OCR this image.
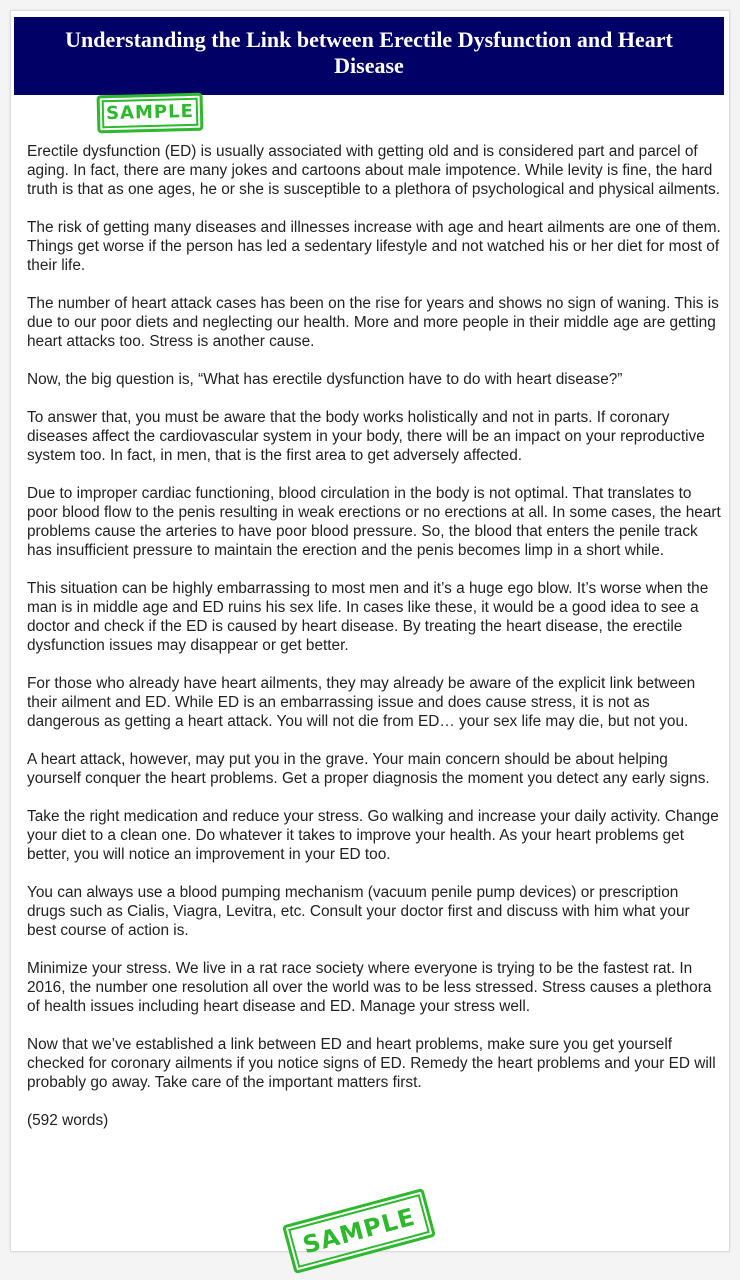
Understanding the Link between Erectile Dysfunction and Heart Disease
SAMPLE

Erectile dysfunction (ED) is usually associated with getting old and is considered part and parcel of aging. In fact, there are many jokes and cartoons about male impotence. While levity is fine, the hard truth is that as one ages, he or she is susceptible to a plethora of psychological and physical ailments.

The risk of getting many diseases and illnesses increase with age and heart ailments are one of them. Things get worse if the person has led a sedentary lifestyle and not watched his or her diet for most of their life.

The number of heart attack cases has been on the rise for years and shows no sign of waning. This is due to our poor diets and neglecting our health. More and more people in their middle age are getting heart attacks too. Stress is another cause.

Now, the big question is, “What has erectile dysfunction have to do with heart disease?”

To answer that, you must be aware that the body works holistically and not in parts. If coronary diseases affect the cardiovascular system in your body, there will be an impact on your reproductive system too. In fact, in men, that is the first area to get adversely affected.

Due to improper cardiac functioning, blood circulation in the body is not optimal. That translates to poor blood flow to the penis resulting in weak erections or no erections at all. In some cases, the heart problems cause the arteries to have poor blood pressure. So, the blood that enters the penile track has insufficient pressure to maintain the erection and the penis becomes limp in a short while.

This situation can be highly embarrassing to most men and it’s a huge ego blow. It’s worse when the man is in middle age and ED ruins his sex life. In cases like these, it would be a good idea to see a doctor and check if the ED is caused by heart disease. By treating the heart disease, the erectile dysfunction issues may disappear or get better.

For those who already have heart ailments, they may already be aware of the explicit link between their ailment and ED. While ED is an embarrassing issue and does cause stress, it is not as dangerous as getting a heart attack. You will not die from ED… your sex life may die, but not you.

A heart attack, however, may put you in the grave. Your main concern should be about helping yourself conquer the heart problems. Get a proper diagnosis the moment you detect any early signs.

Take the right medication and reduce your stress. Go walking and increase your daily activity. Change your diet to a clean one. Do whatever it takes to improve your health. As your heart problems get better, you will notice an improvement in your ED too.

You can always use a blood pumping mechanism (vacuum penile pump devices) or prescription drugs such as Cialis, Viagra, Levitra, etc. Consult your doctor first and discuss with him what your best course of action is.

Minimize your stress. We live in a rat race society where everyone is trying to be the fastest rat. In 2016, the number one resolution all over the world was to be less stressed. Stress causes a plethora of health issues including heart disease and ED. Manage your stress well.

Now that we’ve established a link between ED and heart problems, make sure you get yourself checked for coronary ailments if you notice signs of ED. Remedy the heart problems and your ED will probably go away. Take care of the important matters first.

(592 words)

SAMPLE
